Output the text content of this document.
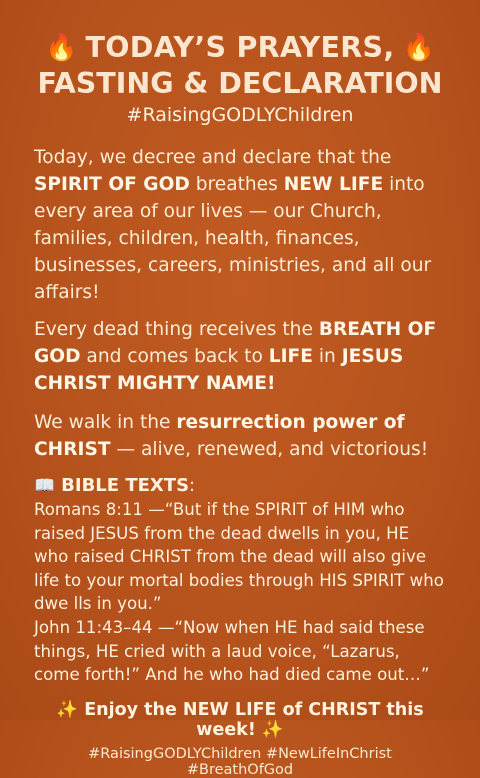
🔥 TODAY’S PRAYERS, 🔥
FASTING & DECLARATION
#RaisingGODLYChildren
Today, we decree and declare that the SPIRIT OF GOD breathes NEW LIFE into every area of our lives — our Church, families, children, health, finances, businesses, careers, ministries, and all our affairs!
Every dead thing receives the BREATH OF GOD and comes back to LIFE in JESUS CHRIST MIGHTY NAME!
We walk in the resurrection power of CHRIST — alive, renewed, and victorious!
📖 BIBLE TEXTS:
Romans 8:11 —“But if the SPIRIT of HIM who raised JESUS from the dead dwells in you, HE who raised CHRIST from the dead will also give life to your mortal bodies through HIS SPIRIT who dwe lls in you.”
John 11:43–44 —“Now when HE had said these things, HE cried with a laud voice, “Lazarus, come forth!” And he who had died came out…”
✨ Enjoy the NEW LIFE of CHRIST this week! ✨
#RaisingGODLYChildren #NewLifeInChrist #BreathOfGod
